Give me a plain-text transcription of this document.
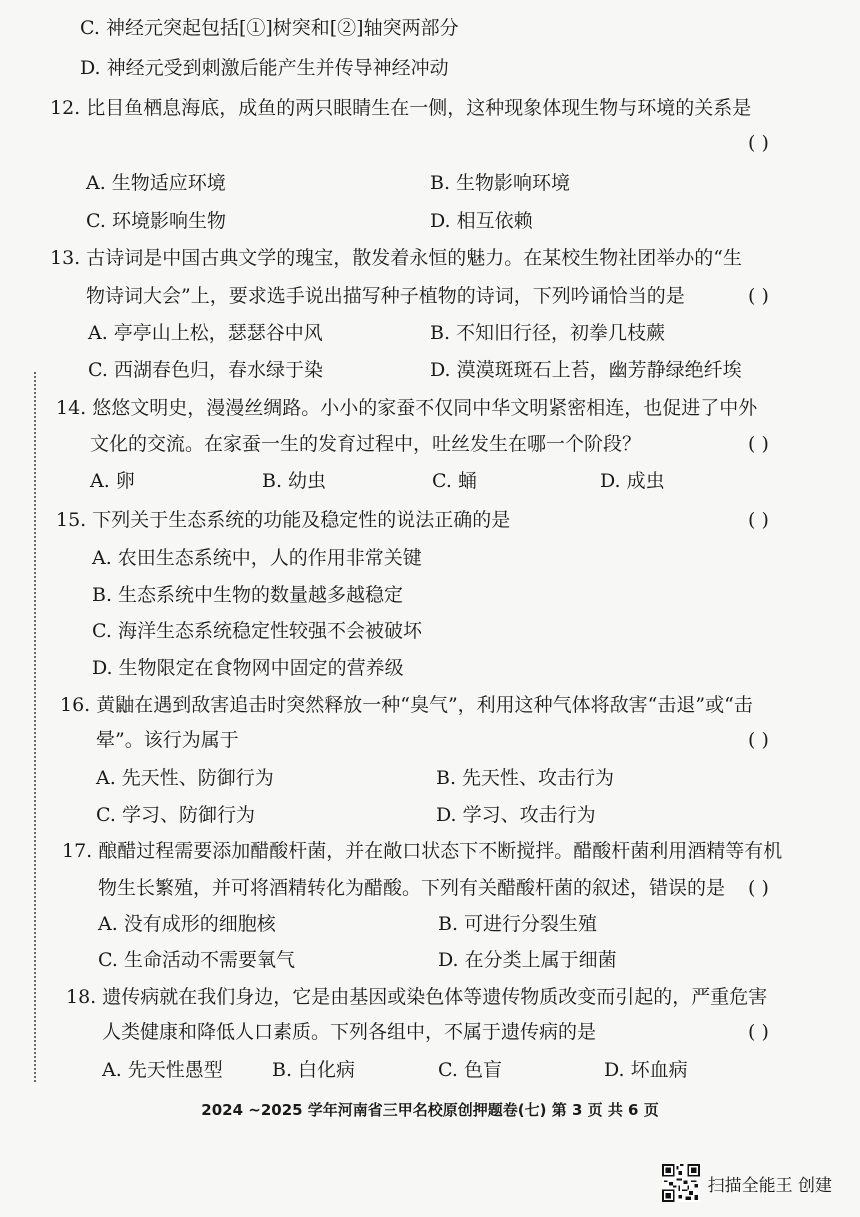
C. 神经元突起包括[①]树突和[②]轴突两部分
D. 神经元受到刺激后能产生并传导神经冲动
12. 比目鱼栖息海底，成鱼的两只眼睛生在一侧，这种现象体现生物与环境的关系是
( )
A. 生物适应环境	B. 生物影响环境
C. 环境影响生物	D. 相互依赖
13. 古诗词是中国古典文学的瑰宝，散发着永恒的魅力。在某校生物社团举办的“生
物诗词大会”上，要求选手说出描写种子植物的诗词，下列吟诵恰当的是	( )
A. 亭亭山上松，瑟瑟谷中风	B. 不知旧行径，初拳几枝蕨
C. 西湖春色归，春水绿于染	D. 漠漠斑斑石上苔，幽芳静绿绝纤埃
14. 悠悠文明史，漫漫丝绸路。小小的家蚕不仅同中华文明紧密相连，也促进了中外
文化的交流。在家蚕一生的发育过程中，吐丝发生在哪一个阶段？	( )
A. 卵	B. 幼虫	C. 蛹	D. 成虫
15. 下列关于生态系统的功能及稳定性的说法正确的是	( )
A. 农田生态系统中，人的作用非常关键
B. 生态系统中生物的数量越多越稳定
C. 海洋生态系统稳定性较强不会被破坏
D. 生物限定在食物网中固定的营养级
16. 黄鼬在遇到敌害追击时突然释放一种“臭气”，利用这种气体将敌害“击退”或“击
晕”。该行为属于	( )
A. 先天性、防御行为	B. 先天性、攻击行为
C. 学习、防御行为	D. 学习、攻击行为
17. 酿醋过程需要添加醋酸杆菌，并在敞口状态下不断搅拌。醋酸杆菌利用酒精等有机
物生长繁殖，并可将酒精转化为醋酸。下列有关醋酸杆菌的叙述，错误的是 ( )
A. 没有成形的细胞核	B. 可进行分裂生殖
C. 生命活动不需要氧气	D. 在分类上属于细菌
18. 遗传病就在我们身边，它是由基因或染色体等遗传物质改变而引起的，严重危害
人类健康和降低人口素质。下列各组中，不属于遗传病的是	( )
A. 先天性愚型	B. 白化病	C. 色盲	D. 坏血病
2024 ~2025 学年河南省三甲名校原创押题卷(七) 第 3 页 共 6 页
扫描全能王 创建
